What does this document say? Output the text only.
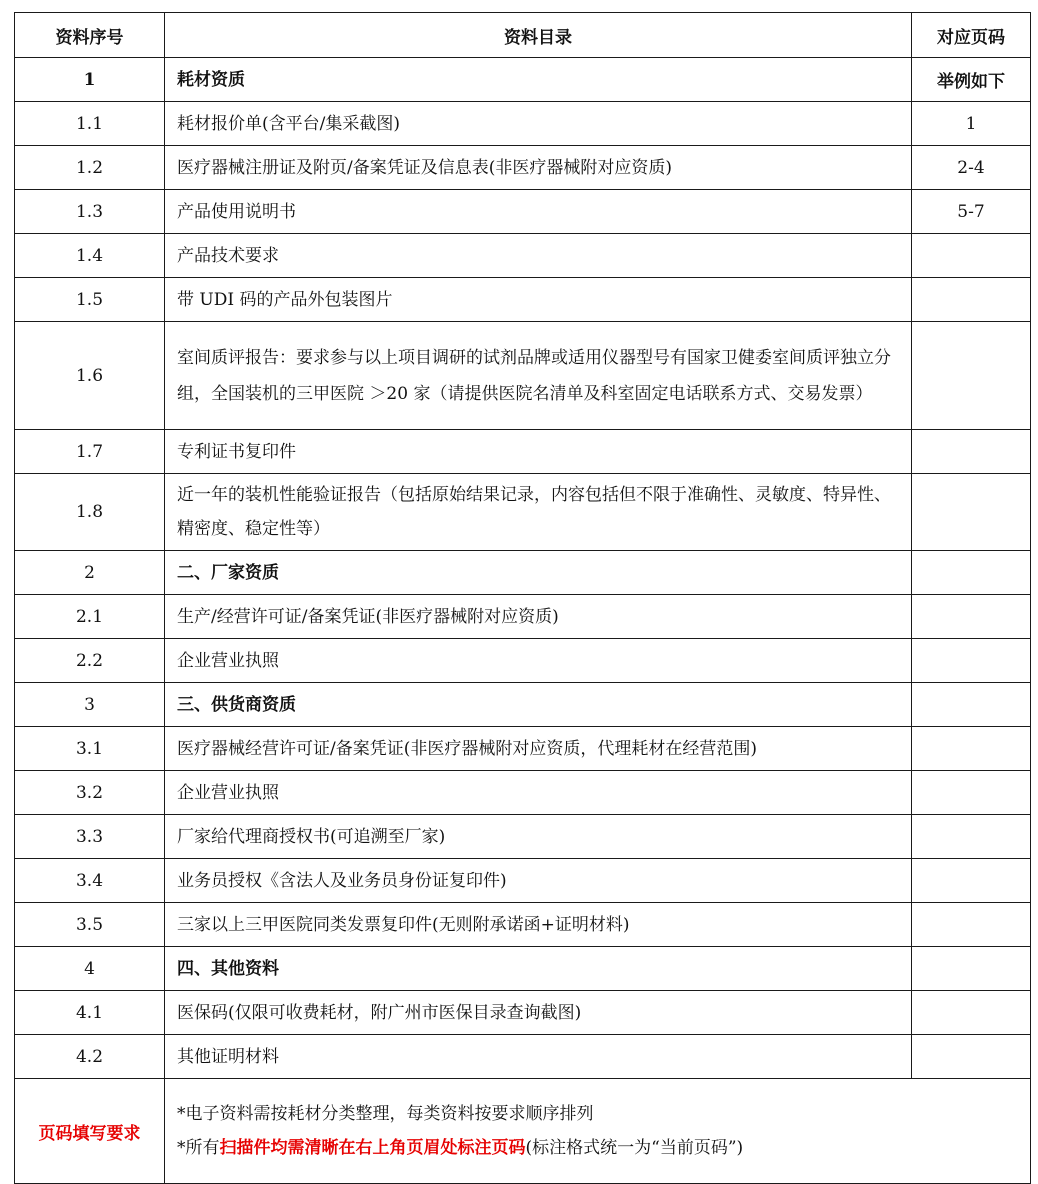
资料序号	资料目录	对应页码
1	耗材资质	举例如下
1.1	耗材报价单(含平台/集采截图)	1
1.2	医疗器械注册证及附页/备案凭证及信息表(非医疗器械附对应资质)	2-4
1.3	产品使用说明书	5-7
1.4	产品技术要求	
1.5	带 UDI 码的产品外包装图片	
1.6	室间质评报告：要求参与以上项目调研的试剂品牌或适用仪器型号有国家卫健委室间质评独立分组，全国装机的三甲医院 ＞20 家（请提供医院名清单及科室固定电话联系方式、交易发票）	
1.7	专利证书复印件	
1.8	近一年的装机性能验证报告（包括原始结果记录，内容包括但不限于准确性、灵敏度、特异性、精密度、稳定性等）	
2	二、厂家资质	
2.1	生产/经营许可证/备案凭证(非医疗器械附对应资质)	
2.2	企业营业执照	
3	三、供货商资质	
3.1	医疗器械经营许可证/备案凭证(非医疗器械附对应资质，代理耗材在经营范围)	
3.2	企业营业执照	
3.3	厂家给代理商授权书(可追溯至厂家)	
3.4	业务员授权《含法人及业务员身份证复印件)	
3.5	三家以上三甲医院同类发票复印件(无则附承诺函+证明材料)	
4	四、其他资料	
4.1	医保码(仅限可收费耗材，附广州市医保目录查询截图)	
4.2	其他证明材料	
页码填写要求	*电子资料需按耗材分类整理，每类资料按要求顺序排列
*所有扫描件均需清晰在右上角页眉处标注页码(标注格式统一为“当前页码”)	
